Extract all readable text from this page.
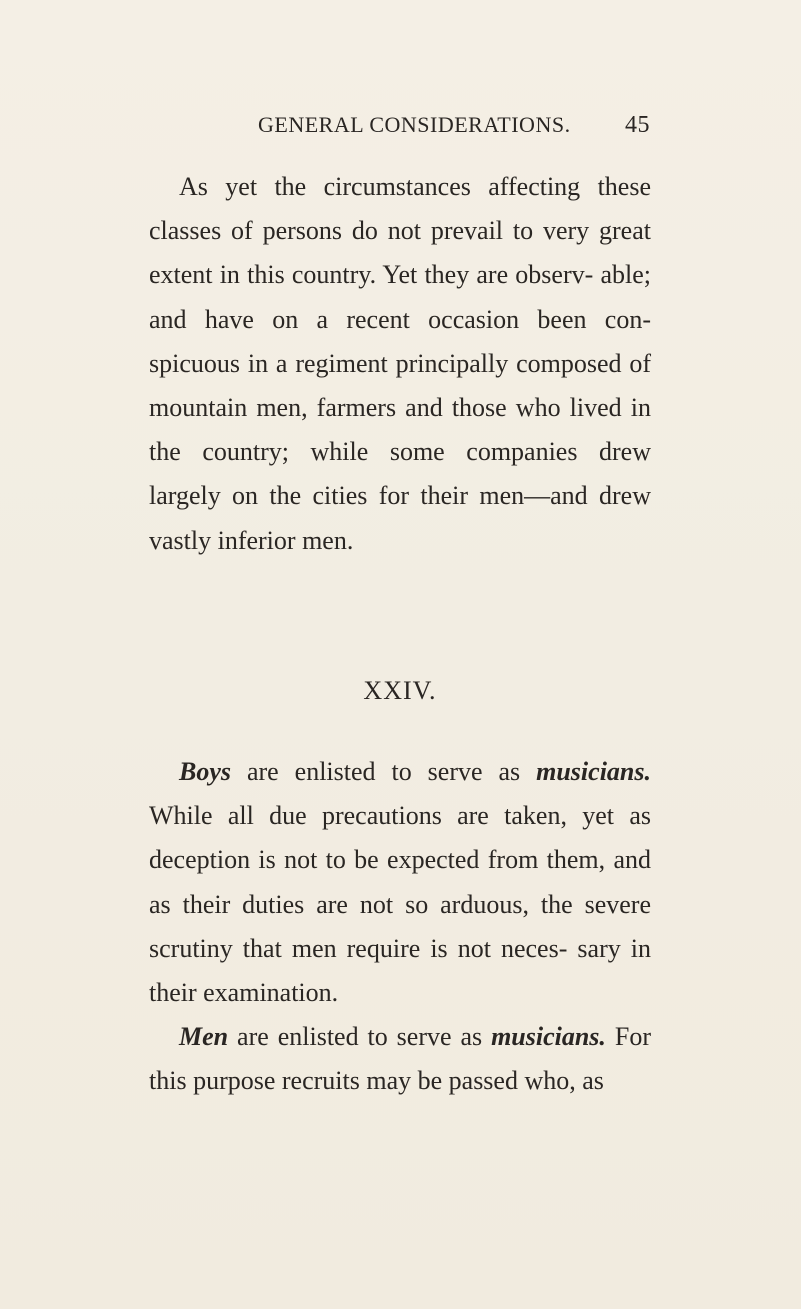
GENERAL CONSIDERATIONS. 45

As yet the circumstances affecting these classes of persons do not prevail to very great extent in this country. Yet they are observ- able; and have on a recent occasion been con- spicuous in a regiment principally composed of mountain men, farmers and those who lived in the country; while some companies drew largely on the cities for their men—and drew vastly inferior men.

XXIV.

Boys are enlisted to serve as musicians. While all due precautions are taken, yet as deception is not to be expected from them, and as their duties are not so arduous, the severe scrutiny that men require is not neces- sary in their examination.

Men are enlisted to serve as musicians. For this purpose recruits may be passed who, as
